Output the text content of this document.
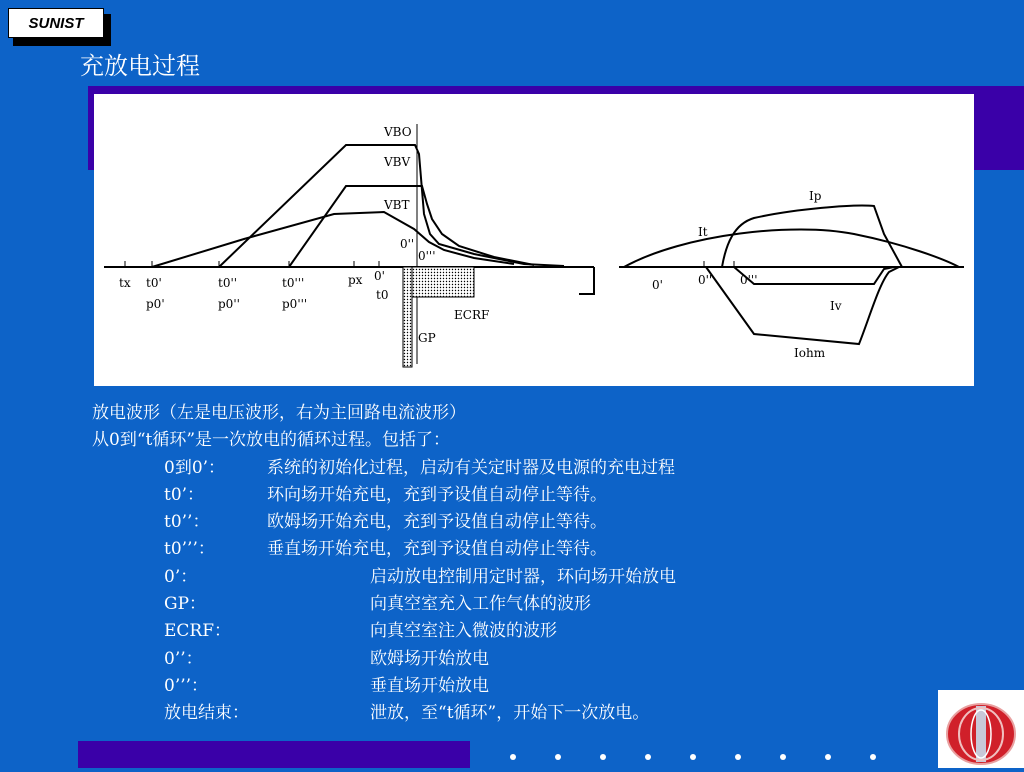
SUNIST
充放电过程
VBO
VBV
VBT
0''
0'''
tx t0'
p0'
t0''
p0''
t0'''
p0'''
px 0'
t0
GP
ECRF
Ip
It
0'	0'' 0'''
Iv
Iohm
放电波形（左是电压波形，右为主回路电流波形）
从0到“t循环”是一次放电的循环过程。包括了：
0到0’： 系统的初始化过程，启动有关定时器及电源的充电过程
t0’：	环向场开始充电，充到予设值自动停止等待。
t0’’：	欧姆场开始充电，充到予设值自动停止等待。
t0’’’：	垂直场开始充电，充到予设值自动停止等待。
0’：	启动放电控制用定时器，环向场开始放电
GP：	向真空室充入工作气体的波形
ECRF：	向真空室注入微波的波形
0’’：	欧姆场开始放电
0’’’：	垂直场开始放电
放电结束：	泄放，至“t循环”，开始下一次放电。
